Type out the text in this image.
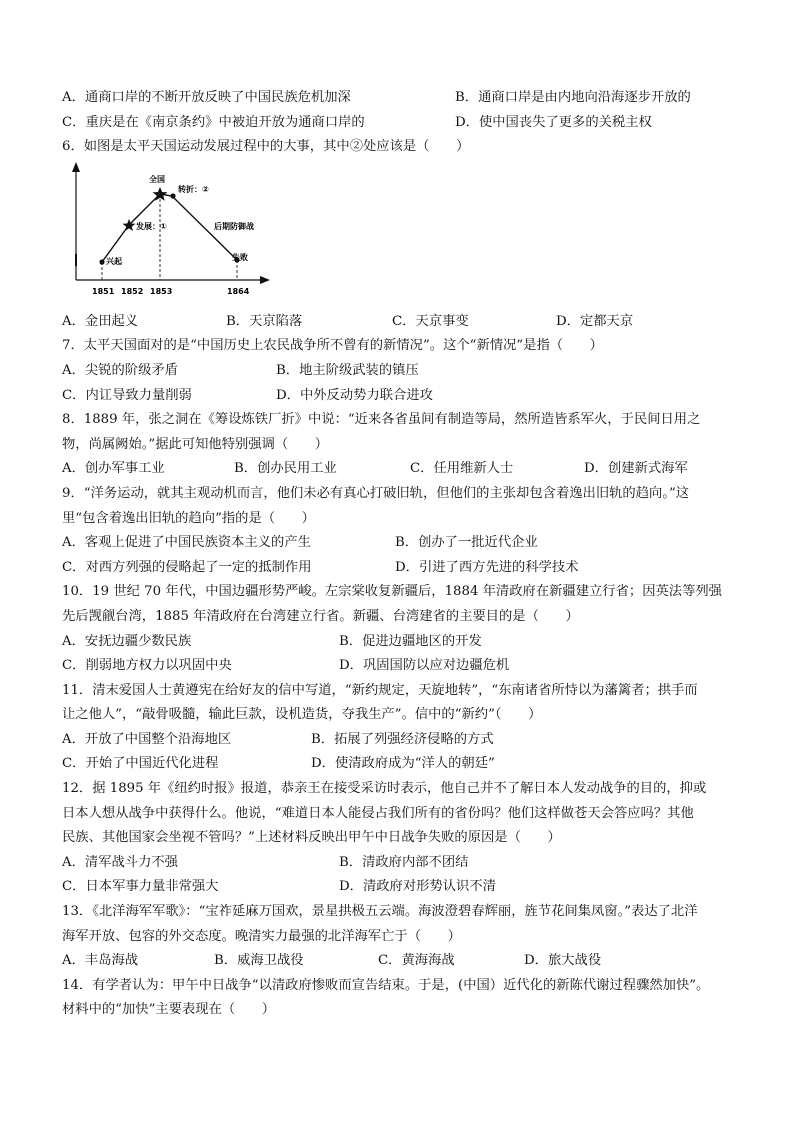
A．通商口岸的不断开放反映了中国民族危机加深	B．通商口岸是由内地向沿海逐步开放的
C．重庆是在《南京条约》中被迫开放为通商口岸的	D．使中国丧失了更多的关税主权
6．如图是太平天国运动发展过程中的大事，其中②处应该是（　　）
兴起
发展：①
全国
转折：②
后期防御战
失败
1851 1852 1853	1864
A．金田起义	B．天京陷落	C．天京事变	D．定都天京
7．太平天国面对的是“中国历史上农民战争所不曾有的新情况”。这个“新情况”是指（　　）
A．尖锐的阶级矛盾	B．地主阶级武装的镇压
C．内讧导致力量削弱	D．中外反动势力联合进攻
8．1889 年，张之洞在《筹设炼铁厂折》中说：“近来各省虽间有制造等局，然所造皆系军火，于民间日用之
物，尚属阙始。”据此可知他特别强调（　　）
A．创办军事工业	B．创办民用工业	C．任用维新人士	D．创建新式海军
9．“洋务运动，就其主观动机而言，他们未必有真心打破旧轨，但他们的主张却包含着逸出旧轨的趋向。”这
里“包含着逸出旧轨的趋向”指的是（　　）
A．客观上促进了中国民族资本主义的产生	B．创办了一批近代企业
C．对西方列强的侵略起了一定的抵制作用	D．引进了西方先进的科学技术
10．19 世纪 70 年代，中国边疆形势严峻。左宗棠收复新疆后，1884 年清政府在新疆建立行省；因英法等列强
先后觊觎台湾，1885 年清政府在台湾建立行省。新疆、台湾建省的主要目的是（　　）
A．安抚边疆少数民族	B．促进边疆地区的开发
C．削弱地方权力以巩固中央	D．巩固国防以应对边疆危机
11．清末爱国人士黄遵宪在给好友的信中写道，“新约规定，天旋地转”，“东南诸省所恃以为藩篱者；拱手而
让之他人”，“敲骨吸髓，输此巨款，设机造货，夺我生产”。信中的“新约”（　　）
A．开放了中国整个沿海地区	B．拓展了列强经济侵略的方式
C．开始了中国近代化进程	D．使清政府成为“洋人的朝廷”
12．据 1895 年《纽约时报》报道，恭亲王在接受采访时表示，他自己并不了解日本人发动战争的目的，抑或
日本人想从战争中获得什么。他说，“难道日本人能侵占我们所有的省份吗？他们这样做苍天会答应吗？其他
民族、其他国家会坐视不管吗？”上述材料反映出甲午中日战争失败的原因是（　　）
A．清军战斗力不强	B．清政府内部不团结
C．日本军事力量非常强大	D．清政府对形势认识不清
13．《北洋海军军歌》：“宝祚延麻万国欢，景星拱极五云端。海波澄碧春辉丽，旌节花间集凤窗。”表达了北洋
海军开放、包容的外交态度。晚清实力最强的北洋海军亡于（　　）
A．丰岛海战	B．威海卫战役	C．黄海海战	D．旅大战役
14．有学者认为：甲午中日战争“以清政府惨败而宣告结束。于是，(中国）近代化的新陈代谢过程骤然加快”。
材料中的“加快”主要表现在（　　）
